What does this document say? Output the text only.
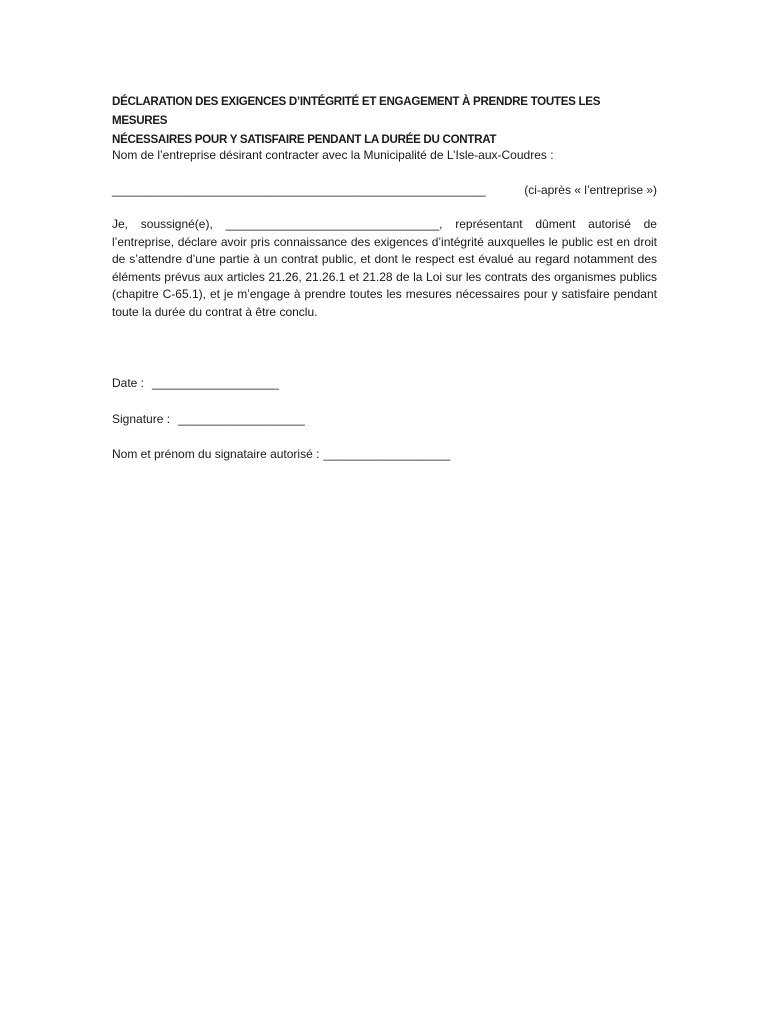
DÉCLARATION DES EXIGENCES D’INTÉGRITÉ ET ENGAGEMENT À PRENDRE TOUTES LES MESURES

NÉCESSAIRES POUR Y SATISFAIRE PENDANT LA DURÉE DU CONTRAT

Nom de l’entreprise désirant contracter avec la Municipalité de L’Isle-aux-Coudres :

________________________________________________________	(ci-après « l’entreprise »)

Je, soussigné(e), ________________________________, représentant dûment autorisé de l’entreprise, déclare avoir pris connaissance des exigences d’intégrité auxquelles le public est en droit de s’attendre d’une partie à un contrat public, et dont le respect est évalué au regard notamment des éléments prévus aux articles 21.26, 21.26.1 et 21.28 de la Loi sur les contrats des organismes publics (chapitre C-65.1), et je m’engage à prendre toutes les mesures nécessaires pour y satisfaire pendant toute la durée du contrat à être conclu.

Date : ___________________
Signature : ___________________
Nom et prénom du signataire autorisé : ___________________
